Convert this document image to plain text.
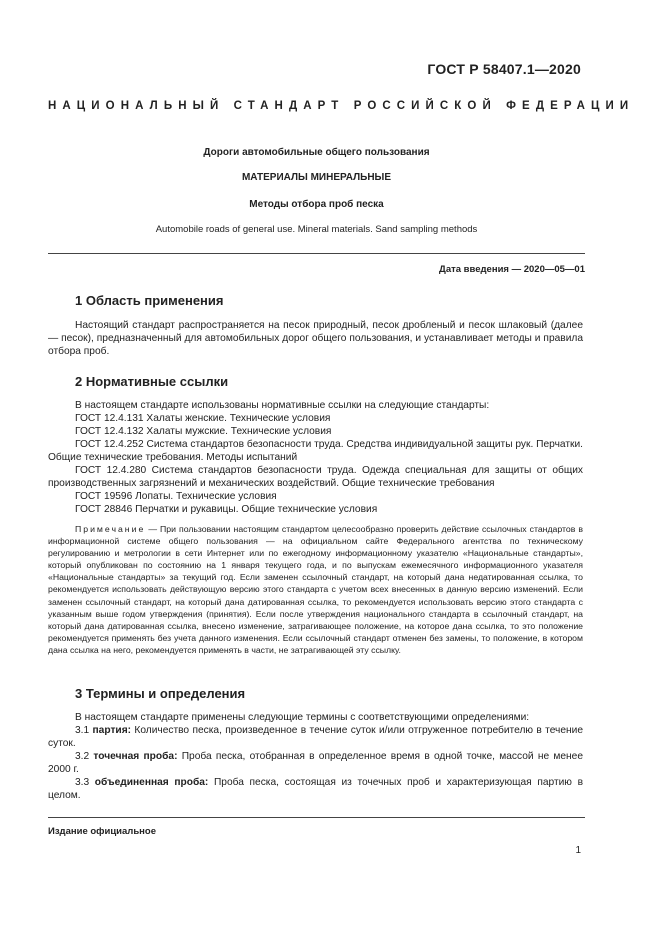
ГОСТ Р 58407.1—2020
НАЦИОНАЛЬНЫЙ СТАНДАРТ РОССИЙСКОЙ ФЕДЕРАЦИИ
Дороги автомобильные общего пользования
МАТЕРИАЛЫ МИНЕРАЛЬНЫЕ
Методы отбора проб песка
Automobile roads of general use. Mineral materials. Sand sampling methods
Дата введения — 2020—05—01
1 Область применения

Настоящий стандарт распространяется на песок природный, песок дробленый и песок шлаковый (далее — песок), предназначенный для автомобильных дорог общего пользования, и устанавливает методы и правила отбора проб.

2 Нормативные ссылки

В настоящем стандарте использованы нормативные ссылки на следующие стандарты:

ГОСТ 12.4.131 Халаты женские. Технические условия

ГОСТ 12.4.132 Халаты мужские. Технические условия

ГОСТ 12.4.252 Система стандартов безопасности труда. Средства индивидуальной защиты рук. Перчатки. Общие технические требования. Методы испытаний

ГОСТ 12.4.280 Система стандартов безопасности труда. Одежда специальная для защиты от общих производственных загрязнений и механических воздействий. Общие технические требования

ГОСТ 19596 Лопаты. Технические условия

ГОСТ 28846 Перчатки и рукавицы. Общие технические условия

Примечание — При пользовании настоящим стандартом целесообразно проверить действие ссылочных стандартов в информационной системе общего пользования — на официальном сайте Федерального агентства по техническому регулированию и метрологии в сети Интернет или по ежегодному информационному указателю «Национальные стандарты», который опубликован по состоянию на 1 января текущего года, и по выпускам ежемесячного информационного указателя «Национальные стандарты» за текущий год. Если заменен ссылочный стандарт, на который дана недатированная ссылка, то рекомендуется использовать действующую версию этого стандарта с учетом всех внесенных в данную версию изменений. Если заменен ссылочный стандарт, на который дана датированная ссылка, то рекомендуется использовать версию этого стандарта с указанным выше годом утверждения (принятия). Если после утверждения национального стандарта в ссылочный стандарт, на который дана датированная ссылка, внесено изменение, затрагивающее положение, на которое дана ссылка, то это положение рекомендуется применять без учета данного изменения. Если ссылочный стандарт отменен без замены, то положение, в котором дана ссылка на него, рекомендуется применять в части, не затрагивающей эту ссылку.

3 Термины и определения

В настоящем стандарте применены следующие термины с соответствующими определениями:

3.1 партия: Количество песка, произведенное в течение суток и/или отгруженное потребителю в течение суток.

3.2 точечная проба: Проба песка, отобранная в определенное время в одной точке, массой не менее 2000 г.

3.3 объединенная проба: Проба песка, состоящая из точечных проб и характеризующая партию в целом.

Издание официальное
1
